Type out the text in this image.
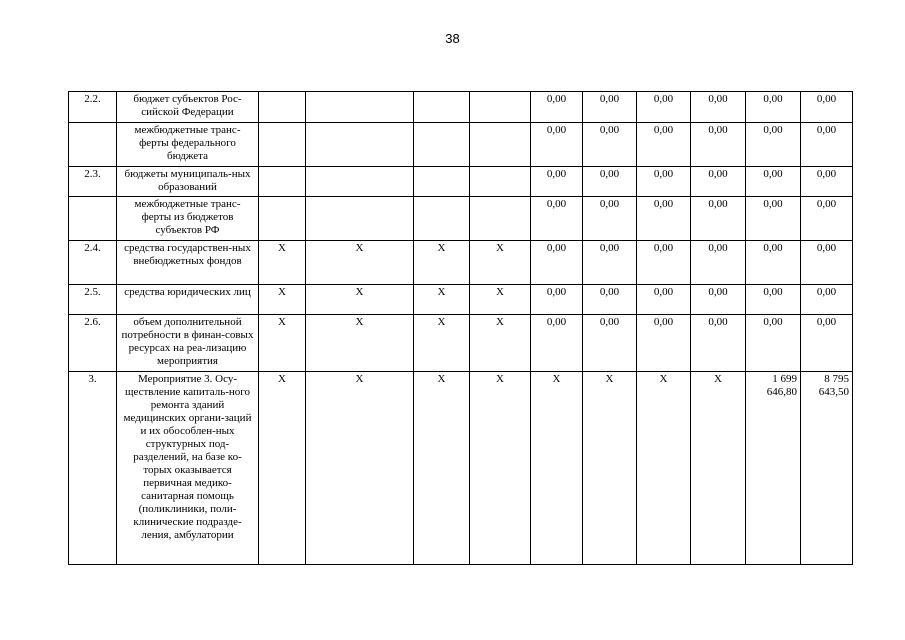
38
2.2.	бюджет субъектов Рос-сийской Федерации					0,00	0,00	0,00	0,00	0,00	0,00
	межбюджетные транс-ферты федерального бюджета					0,00	0,00	0,00	0,00	0,00	0,00
2.3.	бюджеты муниципаль-ных образований					0,00	0,00	0,00	0,00	0,00	0,00
	межбюджетные транс-ферты из бюджетов субъектов РФ					0,00	0,00	0,00	0,00	0,00	0,00
2.4.	средства государствен-ных внебюджетных фондов	X	X	X	X	0,00	0,00	0,00	0,00	0,00	0,00
2.5.	средства юридических лиц	X	X	X	X	0,00	0,00	0,00	0,00	0,00	0,00
2.6.	объем дополнительной потребности в финан-совых ресурсах на реа-лизацию мероприятия	X	X	X	X	0,00	0,00	0,00	0,00	0,00	0,00
3.	Мероприятие 3. Осу-ществление капиталь-ного ремонта зданий медицинских органи-заций и их обособлен-ных структурных под-разделений, на базе ко-торых оказывается первичная медико-санитарная помощь (поликлиники, поли-клинические подразде-ления, амбулатории	X	X	X	X	X	X	X	X	1 699 646,80	8 795 643,50
